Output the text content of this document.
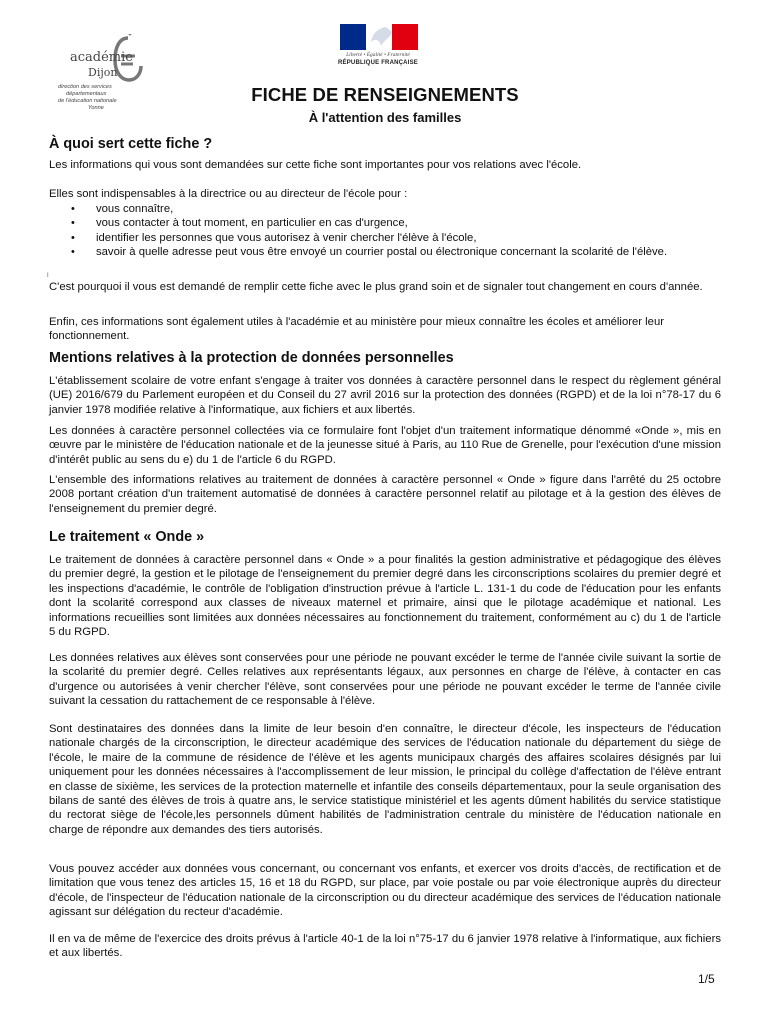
académie
Dijon
direction des services
départementaux
de l'éducation nationale
Yonne
Liberté • Égalité • Fraternité
RÉPUBLIQUE FRANÇAISE
FICHE DE RENSEIGNEMENTS
À l'attention des familles
À quoi sert cette fiche ?

Les informations qui vous sont demandées sur cette fiche sont importantes pour vos relations avec l'école.

Elles sont indispensables à la directrice ou au directeur de l'école pour :

• vous connaître,
• vous contacter à tout moment, en particulier en cas d'urgence,
• identifier les personnes que vous autorisez à venir chercher l'élève à l'école,
• savoir à quelle adresse peut vous être envoyé un courrier postal ou électronique concernant la scolarité de l'élève.
I

C'est pourquoi il vous est demandé de remplir cette fiche avec le plus grand soin et de signaler tout changement en cours d'année.

Enfin, ces informations sont également utiles à l'académie et au ministère pour mieux connaître les écoles et améliorer leur fonctionnement.

Mentions relatives à la protection de données personnelles

L'établissement scolaire de votre enfant s'engage à traiter vos données à caractère personnel dans le respect du règlement général (UE) 2016/679 du Parlement européen et du Conseil du 27 avril 2016 sur la protection des données (RGPD) et de la loi n°78-17 du 6 janvier 1978 modifiée relative à l'informatique, aux fichiers et aux libertés.

Les données à caractère personnel collectées via ce formulaire font l'objet d'un traitement informatique dénommé «Onde », mis en œuvre par le ministère de l'éducation nationale et de la jeunesse situé à Paris, au 110 Rue de Grenelle, pour l'exécution d'une mission d'intérêt public au sens du e) du 1 de l'article 6 du RGPD.

L'ensemble des informations relatives au traitement de données à caractère personnel « Onde » figure dans l'arrêté du 25 octobre 2008 portant création d'un traitement automatisé de données à caractère personnel relatif au pilotage et à la gestion des élèves de l'enseignement du premier degré.

Le traitement « Onde »

Le traitement de données à caractère personnel dans « Onde » a pour finalités la gestion administrative et pédagogique des élèves du premier degré, la gestion et le pilotage de l'enseignement du premier degré dans les circonscriptions scolaires du premier degré et les inspections d'académie, le contrôle de l'obligation d'instruction prévue à l'article L. 131-1 du code de l'éducation pour les enfants dont la scolarité correspond aux classes de niveaux maternel et primaire, ainsi que le pilotage académique et national. Les informations recueillies sont limitées aux données nécessaires au fonctionnement du traitement, conformément au c) du 1 de l'article 5 du RGPD.

Les données relatives aux élèves sont conservées pour une période ne pouvant excéder le terme de l'année civile suivant la sortie de la scolarité du premier degré. Celles relatives aux représentants légaux, aux personnes en charge de l'élève, à contacter en cas d'urgence ou autorisées à venir chercher l'élève, sont conservées pour une période ne pouvant excéder le terme de l'année civile suivant la cessation du rattachement de ce responsable à l'élève.

Sont destinataires des données dans la limite de leur besoin d'en connaître, le directeur d'école, les inspecteurs de l'éducation nationale chargés de la circonscription, le directeur académique des services de l'éducation nationale du département du siège de l'école, le maire de la commune de résidence de l'élève et les agents municipaux chargés des affaires scolaires désignés par lui uniquement pour les données nécessaires à l'accomplissement de leur mission, le principal du collège d'affectation de l'élève entrant en classe de sixième, les services de la protection maternelle et infantile des conseils départementaux, pour la seule organisation des bilans de santé des élèves de trois à quatre ans, le service statistique ministériel et les agents dûment habilités du service statistique du rectorat siège de l'école,les personnels dûment habilités de l'administration centrale du ministère de l'éducation nationale en charge de répondre aux demandes des tiers autorisés.

Vous pouvez accéder aux données vous concernant, ou concernant vos enfants, et exercer vos droits d'accès, de rectification et de limitation que vous tenez des articles 15, 16 et 18 du RGPD, sur place, par voie postale ou par voie électronique auprès du directeur d'école, de l'inspecteur de l'éducation nationale de la circonscription ou du directeur académique des services de l'éducation nationale agissant sur délégation du recteur d'académie.

Il en va de même de l'exercice des droits prévus à l'article 40-1 de la loi n°75-17 du 6 janvier 1978 relative à l'informatique, aux fichiers et aux libertés.

1/5
